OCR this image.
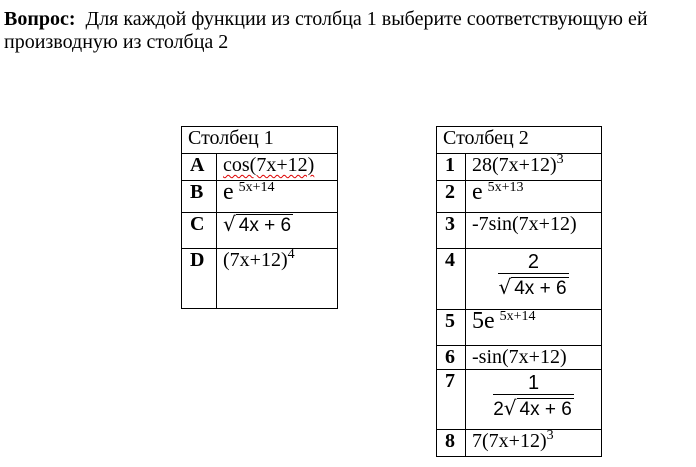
Вопрос: Для каждой функции из столбца 1 выберите соответствующую ей производную из столбца 2
Столбец 1	
A	cos(7x+12)
B	e $^{5x+14}$
C	√ 4x + 6
D	$(7x+12)^4$
Столбец 2	
1	$28(7x+12)^3$
2	e $^{5x+13}$
3	-7sin(7x+12)
4	$\frac{2}{√ 4x + 6}$

5	5e $^{5x+14}$
6	-sin(7x+12)
7	$\frac{1}{2√ 4x + 6}$

8	$7(7x+12)^3$
